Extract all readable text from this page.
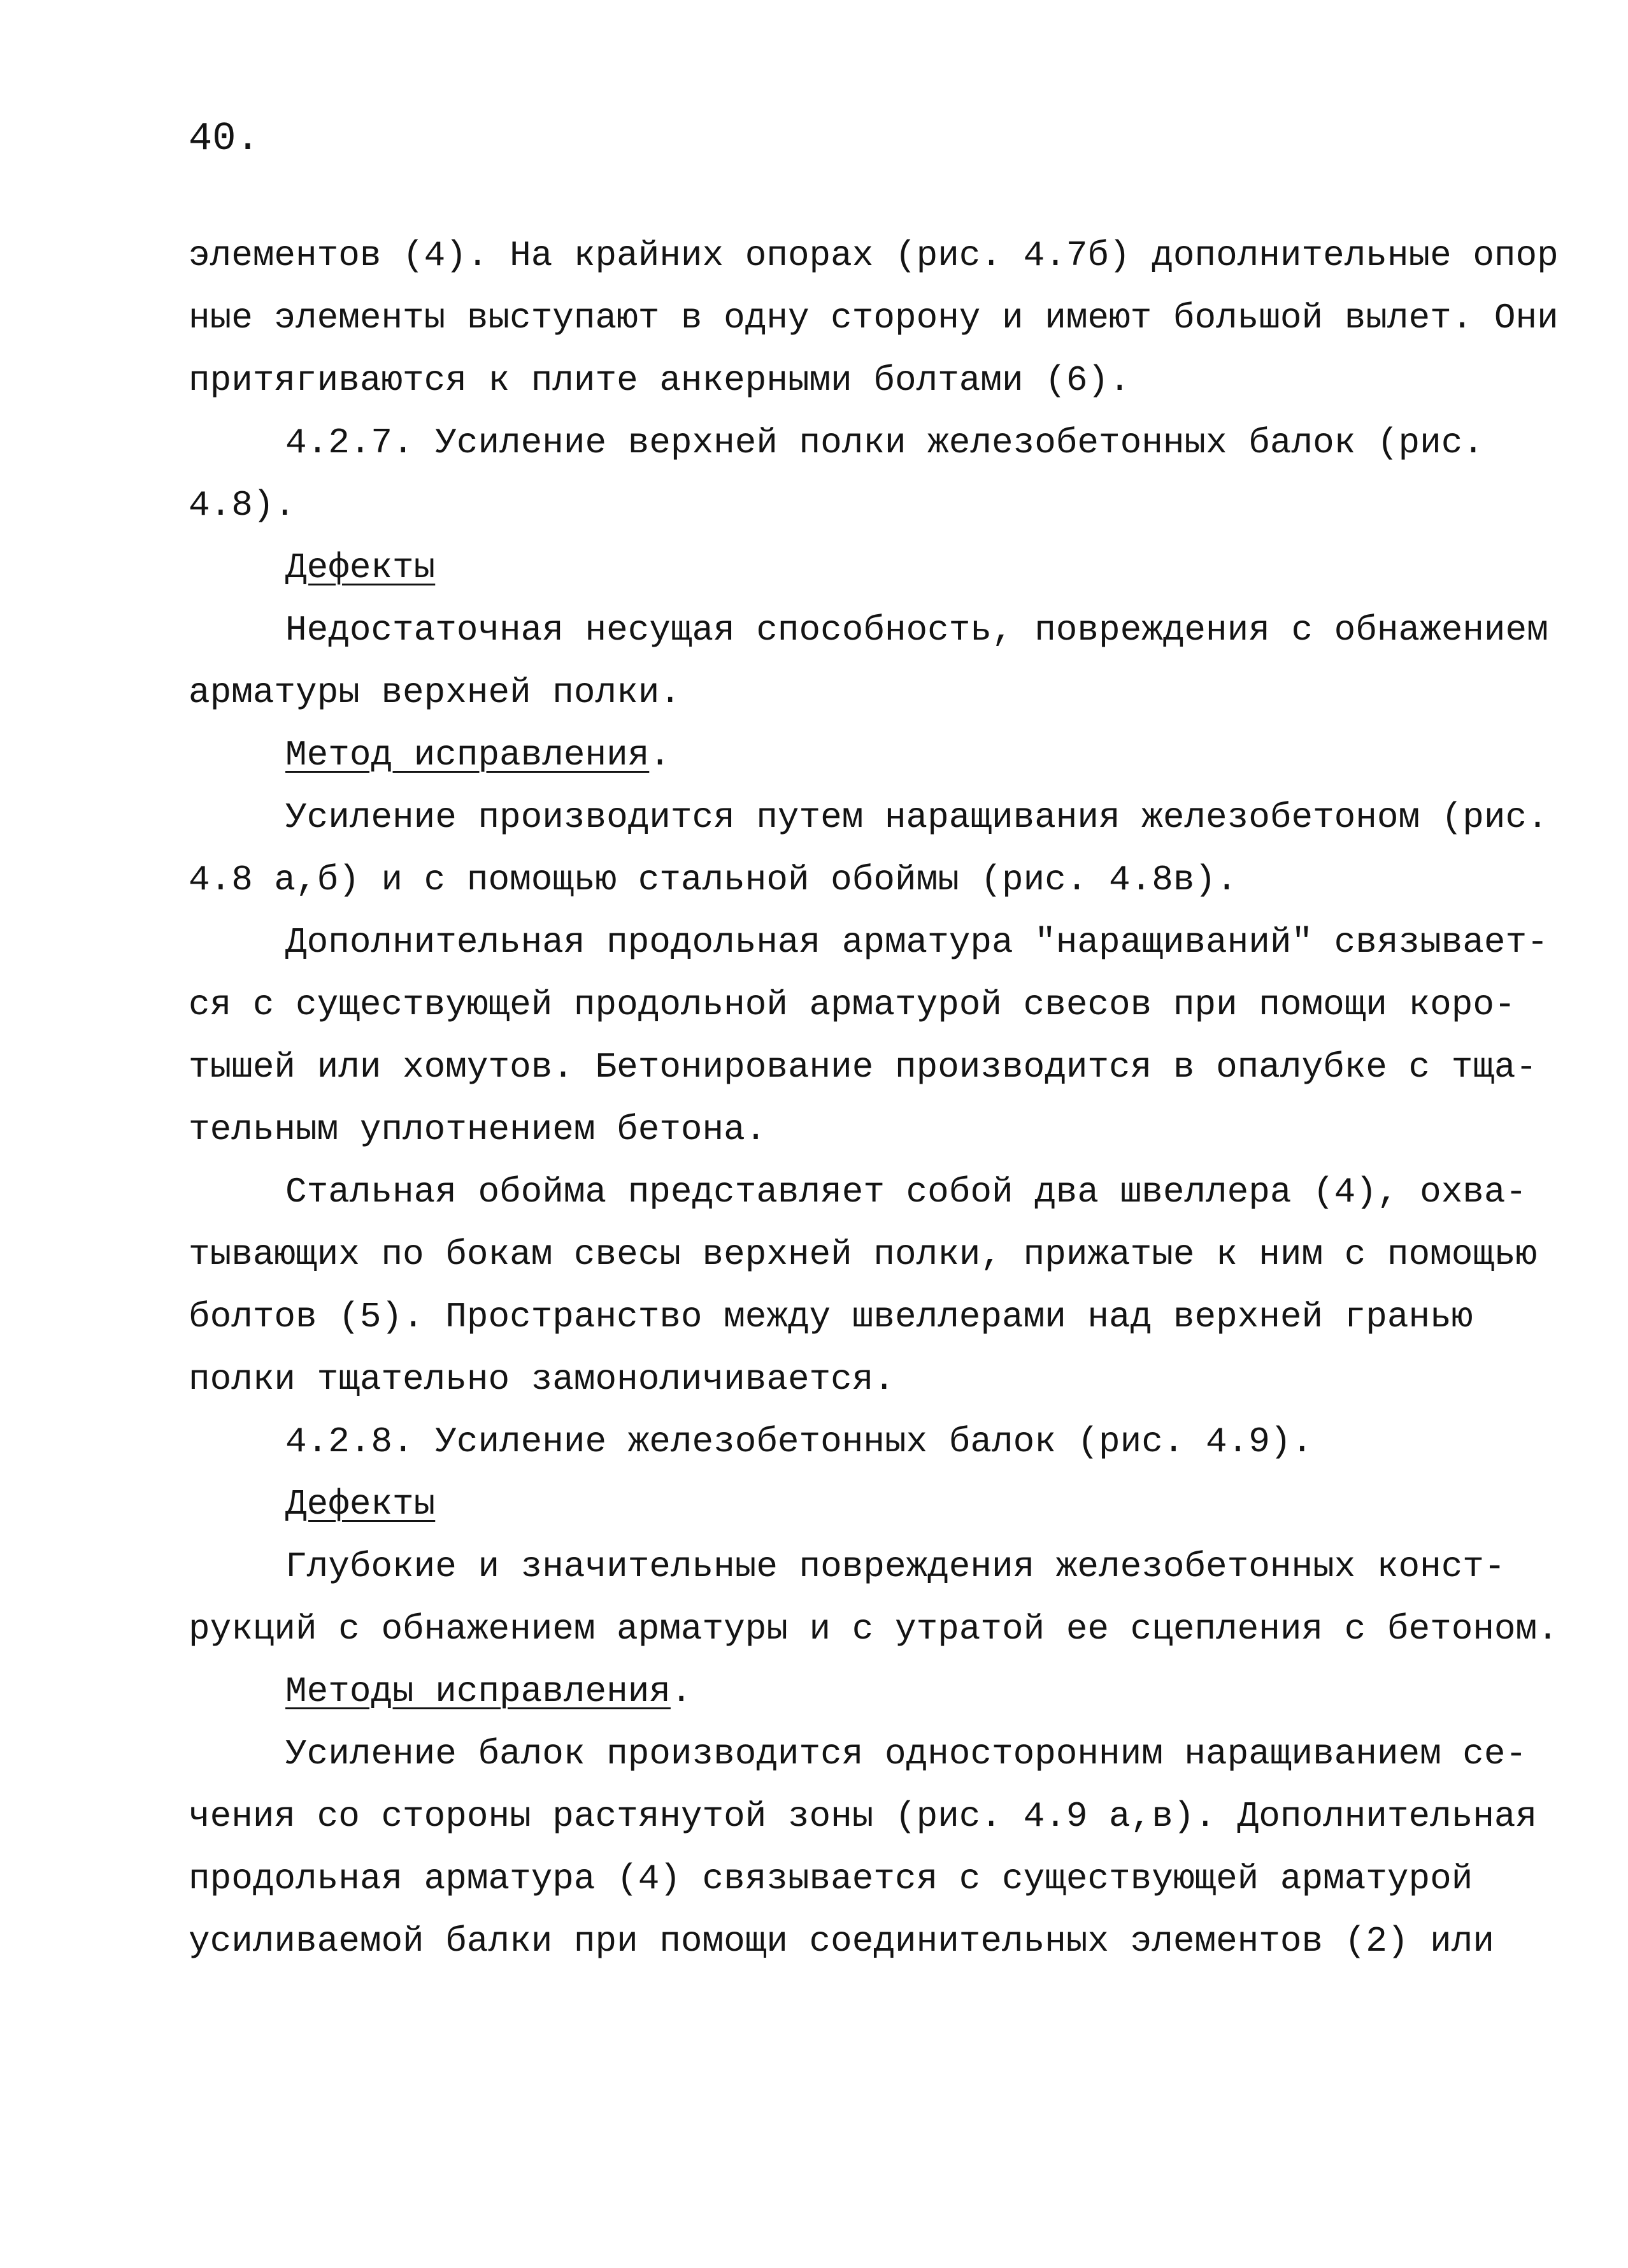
40.
элементов (4). На крайних опорах (рис. 4.7б) дополнительные опор
ные элементы выступают в одну сторону и имеют большой вылет. Они
притягиваются к плите анкерными болтами (6).
4.2.7. Усиление верхней полки железобетонных балок (рис.
4.8).
Дефекты
Недостаточная несущая способность, повреждения с обнажением
арматуры верхней полки.
Метод исправления.
Усиление производится путем наращивания железобетоном (рис.
4.8 а,б) и с помощью стальной обоймы (рис. 4.8в).
Дополнительная продольная арматура "наращиваний" связывает-
ся с существующей продольной арматурой свесов при помощи коро-
тышей или хомутов. Бетонирование производится в опалубке с тща-
тельным уплотнением бетона.
Стальная обойма представляет собой два швеллера (4), охва-
тывающих по бокам свесы верхней полки, прижатые к ним с помощью
болтов (5). Пространство между швеллерами над верхней гранью
полки тщательно замоноличивается.
4.2.8. Усиление железобетонных балок (рис. 4.9).
Дефекты
Глубокие и значительные повреждения железобетонных конст-
рукций с обнажением арматуры и с утратой ее сцепления с бетоном.
Методы исправления.
Усиление балок производится односторонним наращиванием се-
чения со стороны растянутой зоны (рис. 4.9 а,в). Дополнительная
продольная арматура (4) связывается с существующей арматурой
усиливаемой балки при помощи соединительных элементов (2) или
